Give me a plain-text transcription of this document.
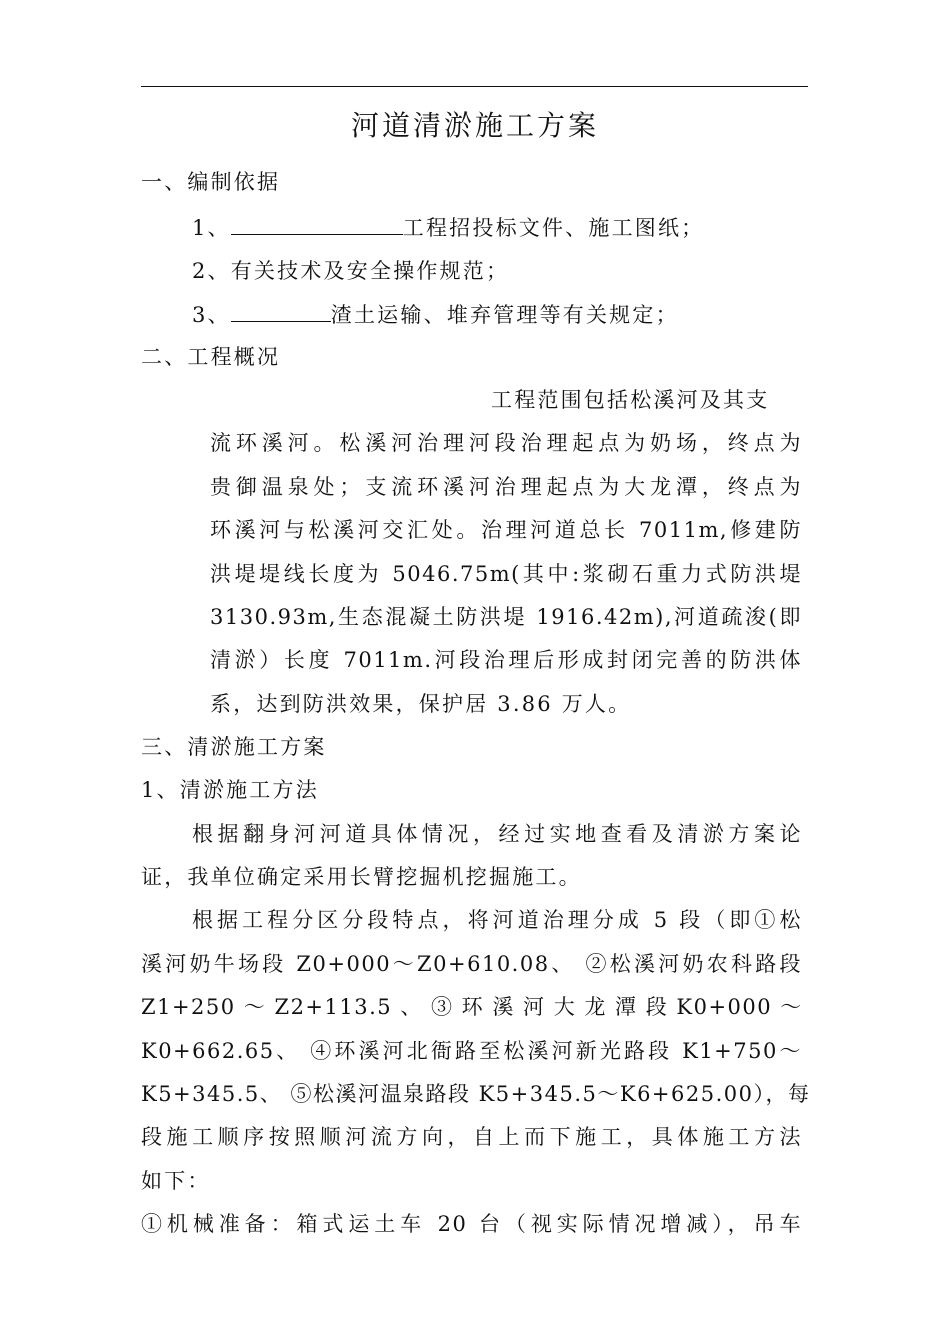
河道清淤施工方案
一、编制依据
1、	工程招投标文件、施工图纸；
2、有关技术及安全操作规范；
3、	渣土运输、堆弃管理等有关规定；
二、工程概况
工程范围包括松溪河及其支
流环溪河。松溪河治理河段治理起点为奶场，终点为
贵御温泉处；支流环溪河治理起点为大龙潭，终点为
环溪河与松溪河交汇处。治理河道总长 7011m,修建防
洪堤堤线长度为 5046.75m(其中:浆砌石重力式防洪堤
3130.93m,生态混凝土防洪堤 1916.42m),河道疏浚(即
清淤）长度 7011m.河段治理后形成封闭完善的防洪体
系，达到防洪效果，保护居 3.86 万人。
三、清淤施工方案
1、清淤施工方法
根据翻身河河道具体情况，经过实地查看及清淤方案论
证，我单位确定采用长臂挖掘机挖掘施工。
根据工程分区分段特点，将河道治理分成 5 段（即①松
溪河奶牛场段 Z0+000～Z0+610.08、 ②松溪河奶农科路段
Z1+250 ～ Z2+113.5 、 ③ 环 溪 河 大 龙 潭 段 K0+000 ～
K0+662.65、 ④环溪河北衙路至松溪河新光路段 K1+750～
K5+345.5、 ⑤松溪河温泉路段 K5+345.5～K6+625.00），每
段施工顺序按照顺河流方向，自上而下施工，具体施工方法
如下：
①机械准备：箱式运土车 20 台（视实际情况增减），吊车
